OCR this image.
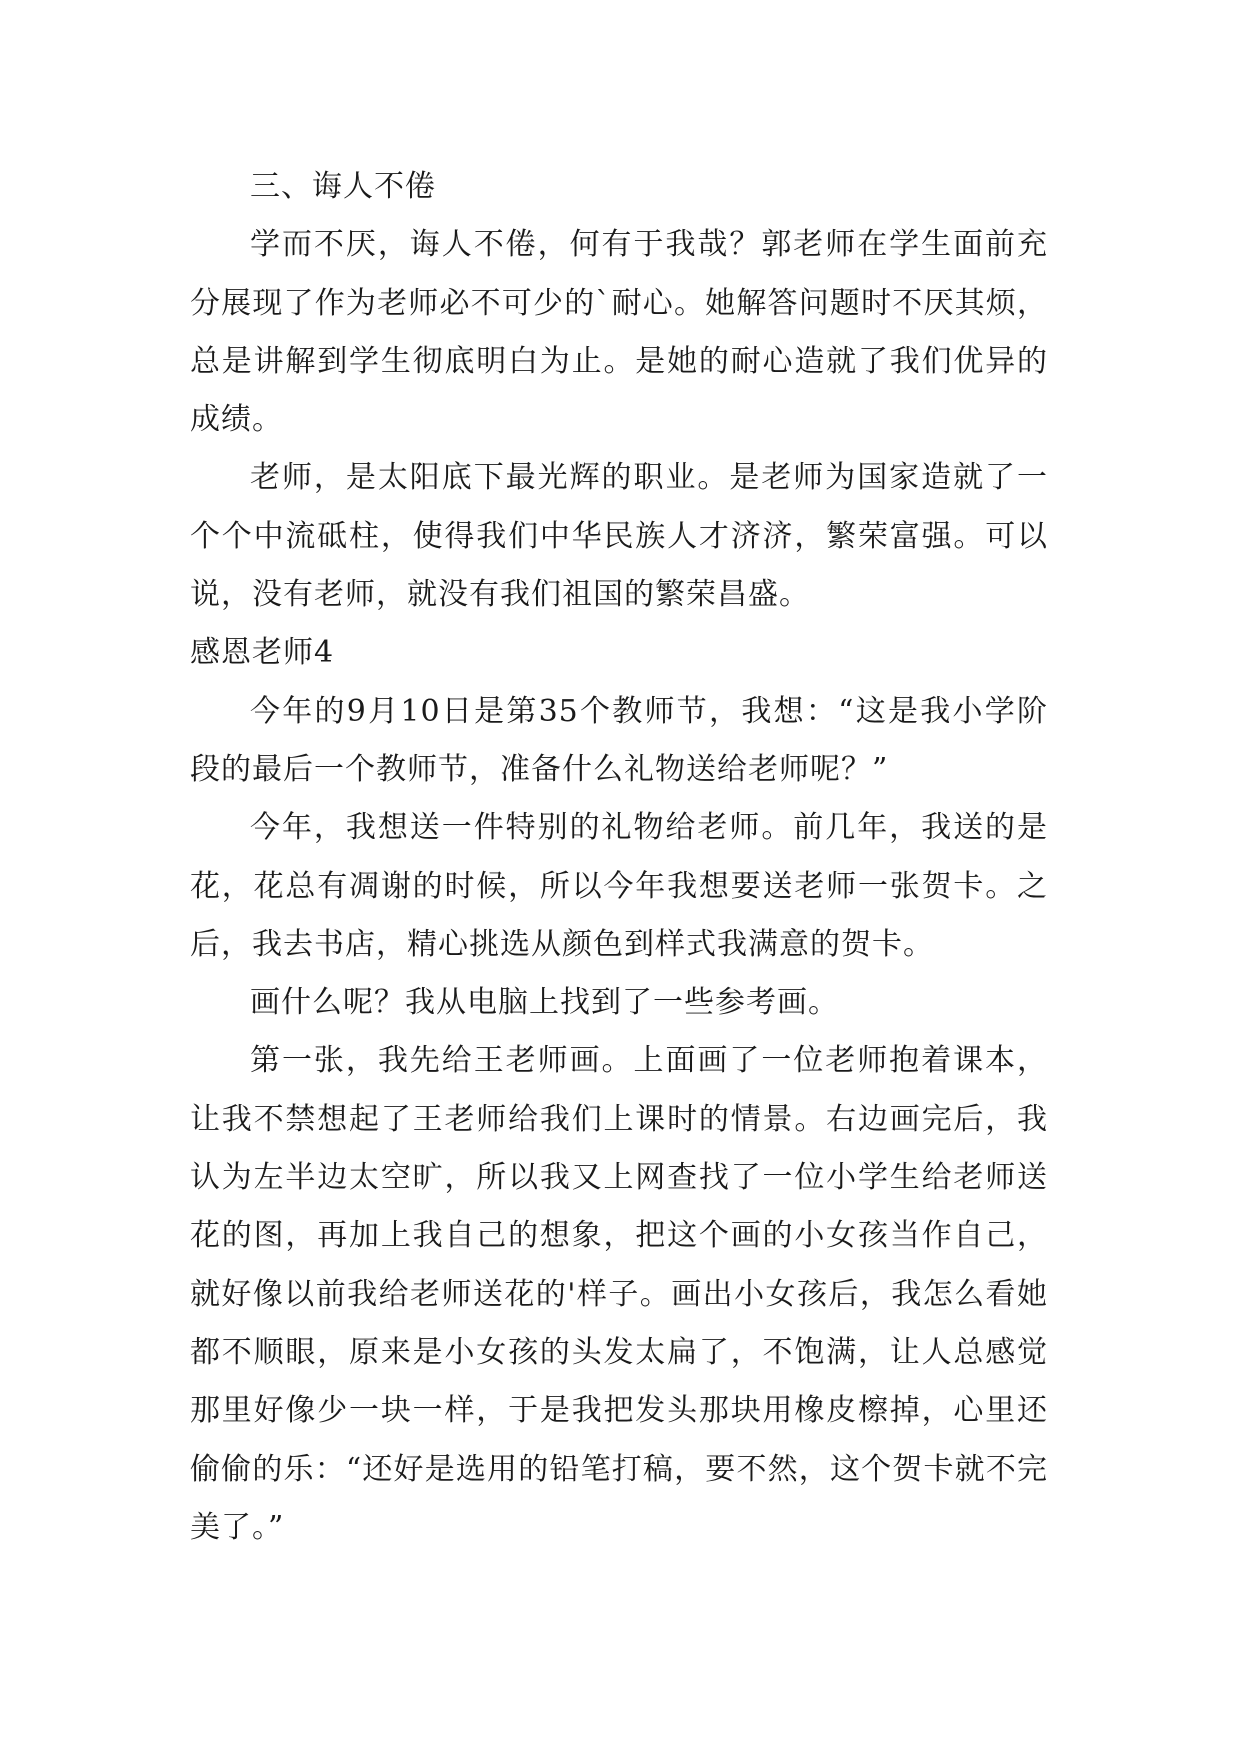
三、诲人不倦

学而不厌，诲人不倦，何有于我哉？郭老师在学生面前充分展现了作为老师必不可少的`耐心。她解答问题时不厌其烦，总是讲解到学生彻底明白为止。是她的耐心造就了我们优异的成绩。

老师，是太阳底下最光辉的职业。是老师为国家造就了一个个中流砥柱，使得我们中华民族人才济济，繁荣富强。可以说，没有老师，就没有我们祖国的繁荣昌盛。

感恩老师4

今年的9月10日是第35个教师节，我想：“这是我小学阶段的最后一个教师节，准备什么礼物送给老师呢？”

今年，我想送一件特别的礼物给老师。前几年，我送的是花，花总有凋谢的时候，所以今年我想要送老师一张贺卡。之后，我去书店，精心挑选从颜色到样式我满意的贺卡。

画什么呢？我从电脑上找到了一些参考画。

第一张，我先给王老师画。上面画了一位老师抱着课本，让我不禁想起了王老师给我们上课时的情景。右边画完后，我认为左半边太空旷，所以我又上网查找了一位小学生给老师送花的图，再加上我自己的想象，把这个画的小女孩当作自己，就好像以前我给老师送花的'样子。画出小女孩后，我怎么看她都不顺眼，原来是小女孩的头发太扁了，不饱满，让人总感觉那里好像少一块一样，于是我把发头那块用橡皮檫掉，心里还偷偷的乐：“还好是选用的铅笔打稿，要不然，这个贺卡就不完美了。”
